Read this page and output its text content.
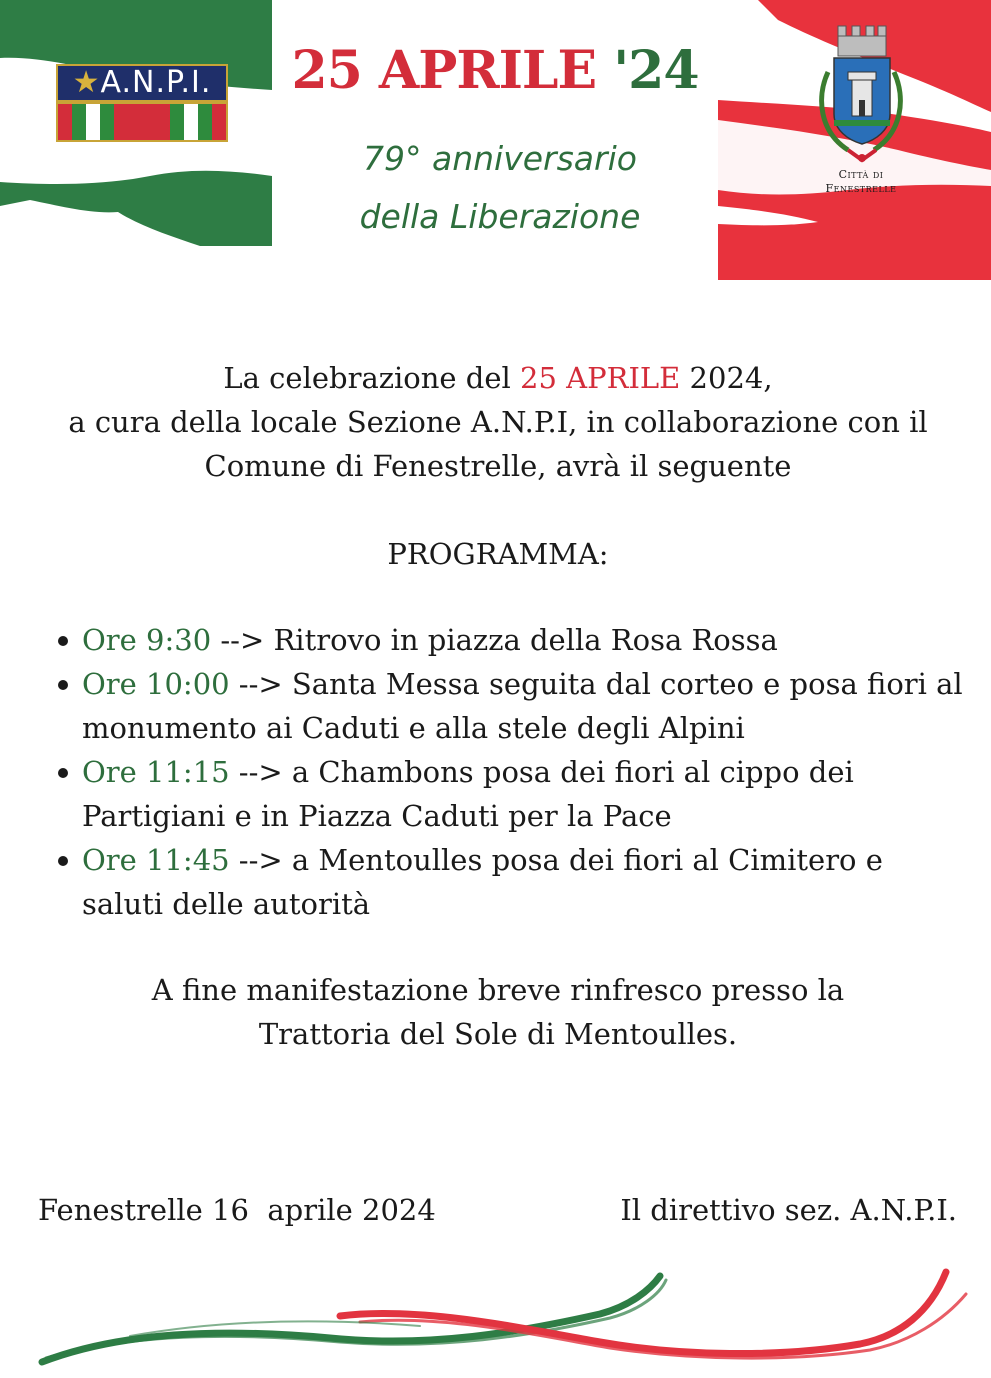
★A.N.P.I.	25 APRILE '24
79° anniversario
della Liberazione
Città di
Fenestrelle
La celebrazione del 25 APRILE 2024,
a cura della locale Sezione A.N.P.I, in collaborazione con il
Comune di Fenestrelle, avrà il seguente
PROGRAMMA:
Ore 9:30 --> Ritrovo in piazza della Rosa Rossa
Ore 10:00 --> Santa Messa seguita dal corteo e posa fiori al monumento ai Caduti e alla stele degli Alpini
Ore 11:15 --> a Chambons posa dei fiori al cippo dei Partigiani e in Piazza Caduti per la Pace
Ore 11:45 --> a Mentoulles posa dei fiori al Cimitero e saluti delle autorità
A fine manifestazione breve rinfresco presso la
Trattoria del Sole di Mentoulles.
Fenestrelle 16  aprile 2024	Il direttivo sez. A.N.P.I.
